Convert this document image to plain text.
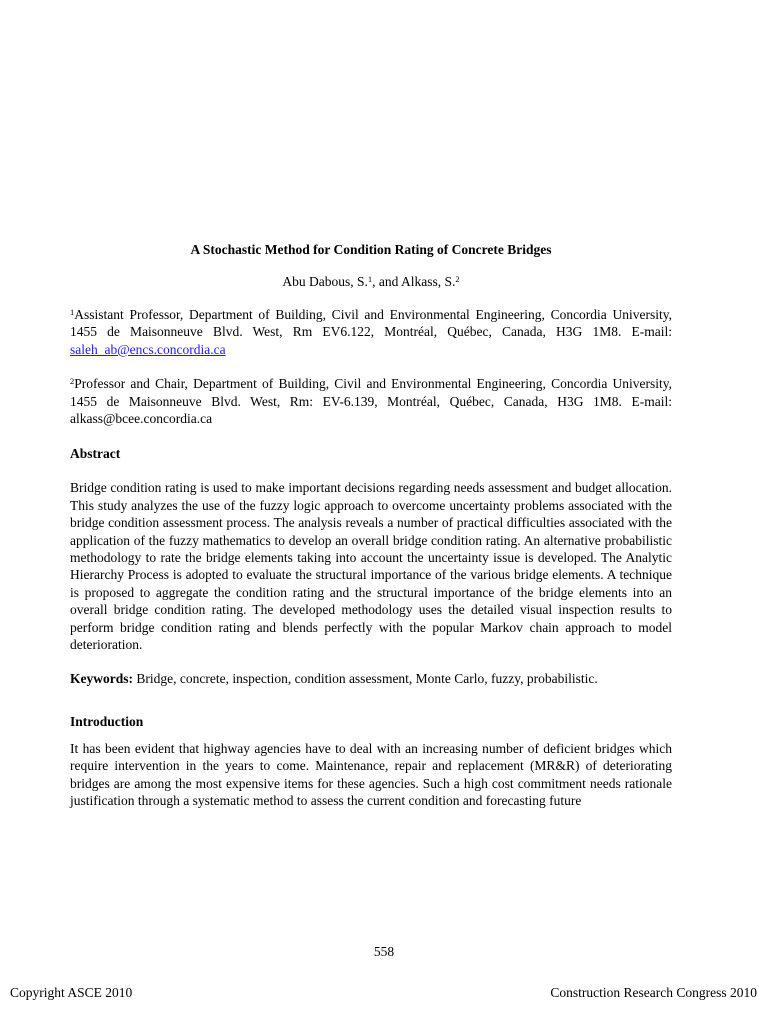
A Stochastic Method for Condition Rating of Concrete Bridges

Abu Dabous, S.$^1$, and Alkass, S.$^2$

$^1$Assistant Professor, Department of Building, Civil and Environmental Engineering, Concordia University, 1455 de Maisonneuve Blvd. West, Rm EV6.122, Montréal, Québec, Canada, H3G 1M8. E-mail: saleh_ab@encs.concordia.ca

$^2$Professor and Chair, Department of Building, Civil and Environmental Engineering, Concordia University, 1455 de Maisonneuve Blvd. West, Rm: EV-6.139, Montréal, Québec, Canada, H3G 1M8. E-mail: alkass@bcee.concordia.ca

Abstract

Bridge condition rating is used to make important decisions regarding needs assessment and budget allocation. This study analyzes the use of the fuzzy logic approach to overcome uncertainty problems associated with the bridge condition assessment process. The analysis reveals a number of practical difficulties associated with the application of the fuzzy mathematics to develop an overall bridge condition rating. An alternative probabilistic methodology to rate the bridge elements taking into account the uncertainty issue is developed. The Analytic Hierarchy Process is adopted to evaluate the structural importance of the various bridge elements. A technique is proposed to aggregate the condition rating and the structural importance of the bridge elements into an overall bridge condition rating. The developed methodology uses the detailed visual inspection results to perform bridge condition rating and blends perfectly with the popular Markov chain approach to model deterioration.

Keywords: Bridge, concrete, inspection, condition assessment, Monte Carlo, fuzzy, probabilistic.

Introduction

It has been evident that highway agencies have to deal with an increasing number of deficient bridges which require intervention in the years to come. Maintenance, repair and replacement (MR&R) of deteriorating bridges are among the most expensive items for these agencies. Such a high cost commitment needs rationale justification through a systematic method to assess the current condition and forecasting future

558
Copyright ASCE 2010	Construction Research Congress 2010
